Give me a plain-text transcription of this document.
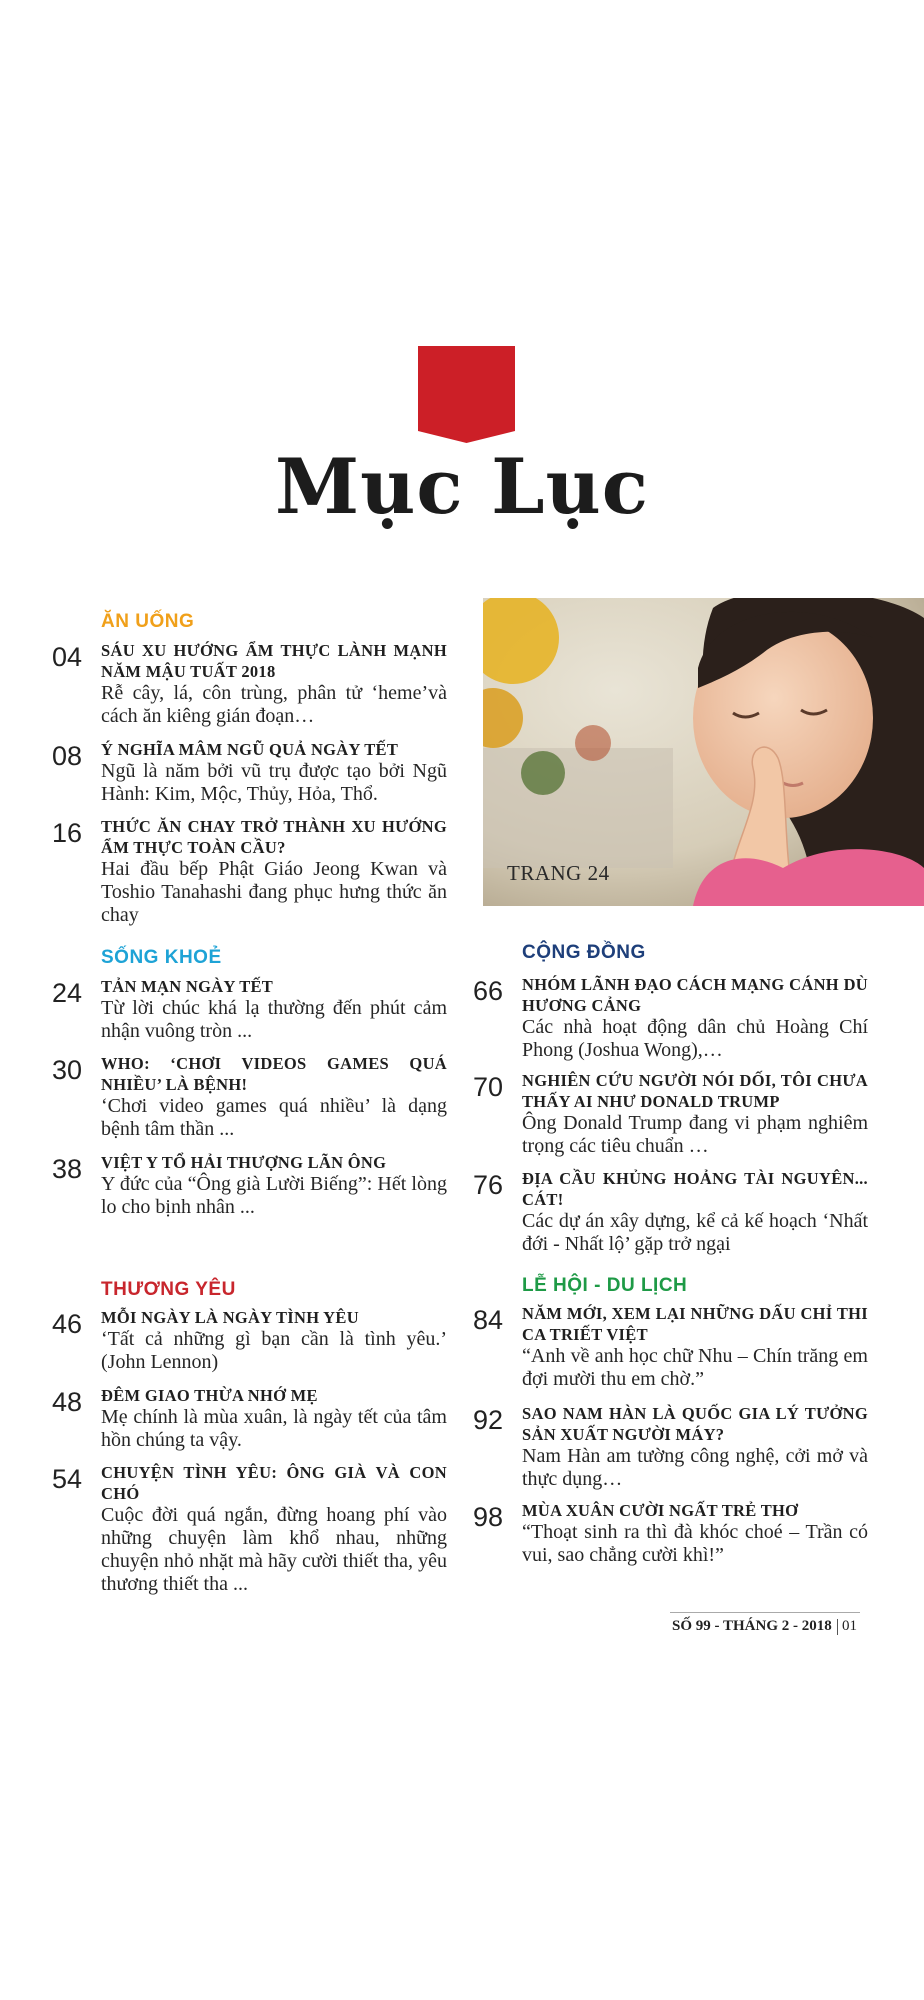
Mục Lục
ĂN UỐNG
04	SÁU XU HƯỚNG ẨM THỰC LÀNH MẠNH NĂM MẬU TUẤT 2018
Rễ cây, lá, côn trùng, phân tử ‘heme’và cách ăn kiêng gián đoạn…
08	Ý NGHĨA MÂM NGŨ QUẢ NGÀY TẾT
Ngũ là năm bởi vũ trụ được tạo bởi Ngũ Hành: Kim, Mộc, Thủy, Hỏa, Thổ.
16	THỨC ĂN CHAY TRỞ THÀNH XU HƯỚNG ẨM THỰC TOÀN CẦU?
Hai đầu bếp Phật Giáo Jeong Kwan và Toshio Tanahashi đang phục hưng thức ăn chay
SỐNG KHOẺ
24	TẢN MẠN NGÀY TẾT
Từ lời chúc khá lạ thường đến phút cảm nhận vuông tròn ...
30	WHO: ‘CHƠI VIDEOS GAMES QUÁ NHIỀU’ LÀ BỆNH!
‘Chơi video games quá nhiều’ là dạng bệnh tâm thần ...
38	VIỆT Y TỔ HẢI THƯỢNG LÃN ÔNG
Y đức của “Ông già Lười Biếng”: Hết lòng lo cho bịnh nhân ...
THƯƠNG YÊU
46	MỖI NGÀY LÀ NGÀY TÌNH YÊU
‘Tất cả những gì bạn cần là tình yêu.’ (John Lennon)
48	ĐÊM GIAO THỪA NHỚ MẸ
Mẹ chính là mùa xuân, là ngày tết của tâm hồn chúng ta vậy.
54	CHUYỆN TÌNH YÊU: ÔNG GIÀ VÀ CON CHÓ
Cuộc đời quá ngắn, đừng hoang phí vào những chuyện làm khổ nhau, những chuyện nhỏ nhặt mà hãy cười thiết tha, yêu thương thiết tha ...
TRANG 24
CỘNG ĐỒNG
66	NHÓM LÃNH ĐẠO CÁCH MẠNG CÁNH DÙ HƯƠNG CẢNG
Các nhà hoạt động dân chủ Hoàng Chí Phong (Joshua Wong),…
70	NGHIÊN CỨU NGƯỜI NÓI DỐI, TÔI CHƯA THẤY AI NHƯ DONALD TRUMP
Ông Donald Trump đang vi phạm nghiêm trọng các tiêu chuẩn …
76	ĐỊA CẦU KHỦNG HOẢNG TÀI NGUYÊN... CÁT!
Các dự án xây dựng, kể cả kế hoạch ‘Nhất đới - Nhất lộ’ gặp trở ngại
LỄ HỘI - DU LỊCH
84	NĂM MỚI, XEM LẠI NHỮNG DẤU CHỈ THI CA TRIẾT VIỆT
“Anh về anh học chữ Nhu – Chín trăng em đợi mười thu em chờ.”
92	SAO NAM HÀN LÀ QUỐC GIA LÝ TƯỞNG SẢN XUẤT NGƯỜI MÁY?
Nam Hàn am tường công nghệ, cởi mở và thực dụng…
98	MÙA XUÂN CƯỜI NGẤT TRẺ THƠ
“Thoạt sinh ra thì đà khóc choé – Trần có vui, sao chẳng cười khì!”
SỐ 99 - THÁNG 2 - 2018 01
